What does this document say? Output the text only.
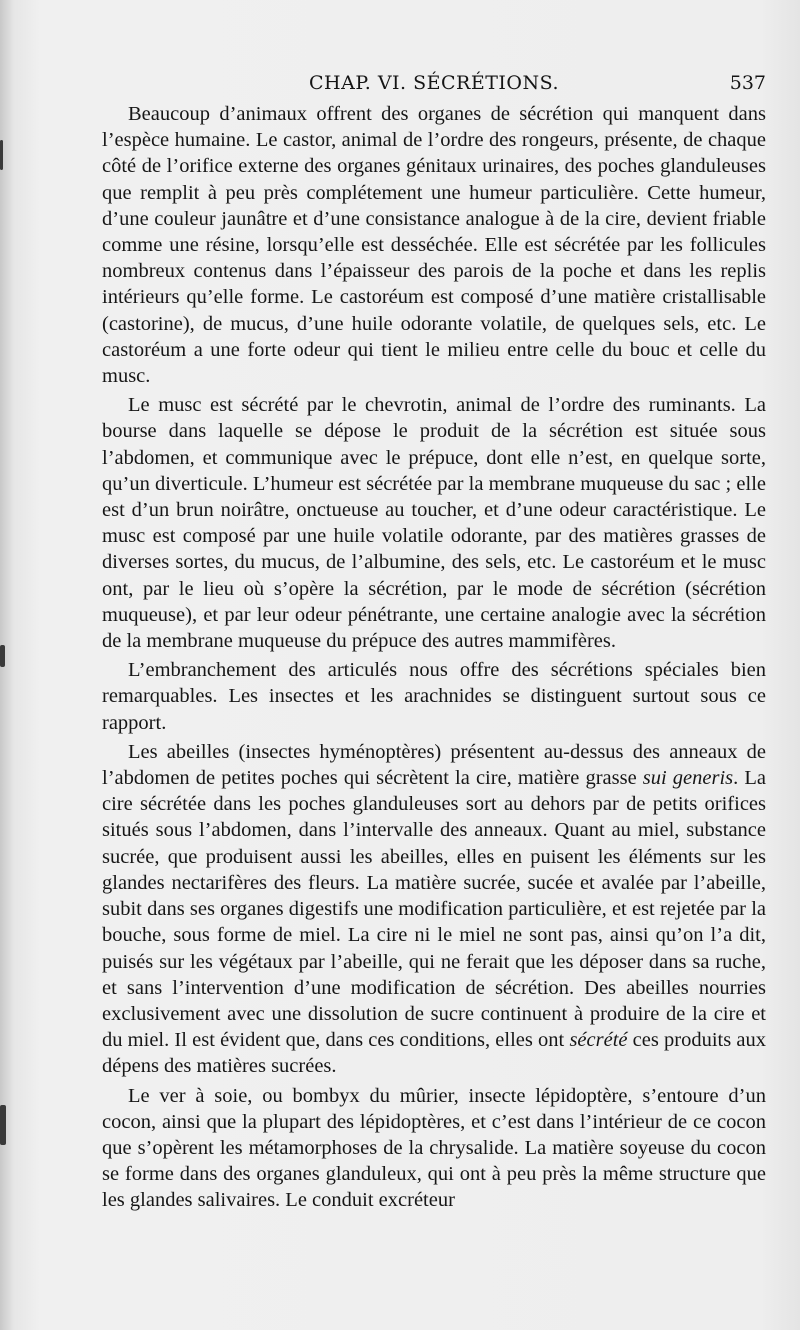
CHAP. VI. SÉCRÉTIONS.	537

Beaucoup d’animaux offrent des organes de sécrétion qui manquent dans l’espèce humaine. Le castor, animal de l’ordre des rongeurs, présente, de chaque côté de l’orifice externe des organes génitaux urinaires, des poches glanduleuses que remplit à peu près complétement une humeur particulière. Cette humeur, d’une couleur jaunâtre et d’une consistance analogue à de la cire, devient friable comme une résine, lorsqu’elle est desséchée. Elle est sécrétée par les follicules nombreux contenus dans l’épaisseur des parois de la poche et dans les replis intérieurs qu’elle forme. Le castoréum est composé d’une matière cristallisable (castorine), de mucus, d’une huile odorante volatile, de quelques sels, etc. Le castoréum a une forte odeur qui tient le milieu entre celle du bouc et celle du musc.

Le musc est sécrété par le chevrotin, animal de l’ordre des ruminants. La bourse dans laquelle se dépose le produit de la sécrétion est située sous l’abdomen, et communique avec le prépuce, dont elle n’est, en quelque sorte, qu’un diverticule. L’humeur est sécrétée par la membrane muqueuse du sac ; elle est d’un brun noirâtre, onctueuse au toucher, et d’une odeur caractéristique. Le musc est composé par une huile volatile odorante, par des matières grasses de diverses sortes, du mucus, de l’albumine, des sels, etc. Le castoréum et le musc ont, par le lieu où s’opère la sécrétion, par le mode de sécrétion (sécrétion muqueuse), et par leur odeur pénétrante, une certaine analogie avec la sécrétion de la membrane muqueuse du prépuce des autres mammifères.

L’embranchement des articulés nous offre des sécrétions spéciales bien remarquables. Les insectes et les arachnides se distinguent surtout sous ce rapport.

Les abeilles (insectes hyménoptères) présentent au-dessus des anneaux de l’abdomen de petites poches qui sécrètent la cire, matière grasse sui generis. La cire sécrétée dans les poches glanduleuses sort au dehors par de petits orifices situés sous l’abdomen, dans l’intervalle des anneaux. Quant au miel, substance sucrée, que produisent aussi les abeilles, elles en puisent les éléments sur les glandes nectarifères des fleurs. La matière sucrée, sucée et avalée par l’abeille, subit dans ses organes digestifs une modification particulière, et est rejetée par la bouche, sous forme de miel. La cire ni le miel ne sont pas, ainsi qu’on l’a dit, puisés sur les végétaux par l’abeille, qui ne ferait que les déposer dans sa ruche, et sans l’intervention d’une modification de sécrétion. Des abeilles nourries exclusivement avec une dissolution de sucre continuent à produire de la cire et du miel. Il est évident que, dans ces conditions, elles ont sécrété ces produits aux dépens des matières sucrées.

Le ver à soie, ou bombyx du mûrier, insecte lépidoptère, s’entoure d’un cocon, ainsi que la plupart des lépidoptères, et c’est dans l’intérieur de ce cocon que s’opèrent les métamorphoses de la chrysalide. La matière soyeuse du cocon se forme dans des organes glanduleux, qui ont à peu près la même structure que les glandes salivaires. Le conduit excréteur
